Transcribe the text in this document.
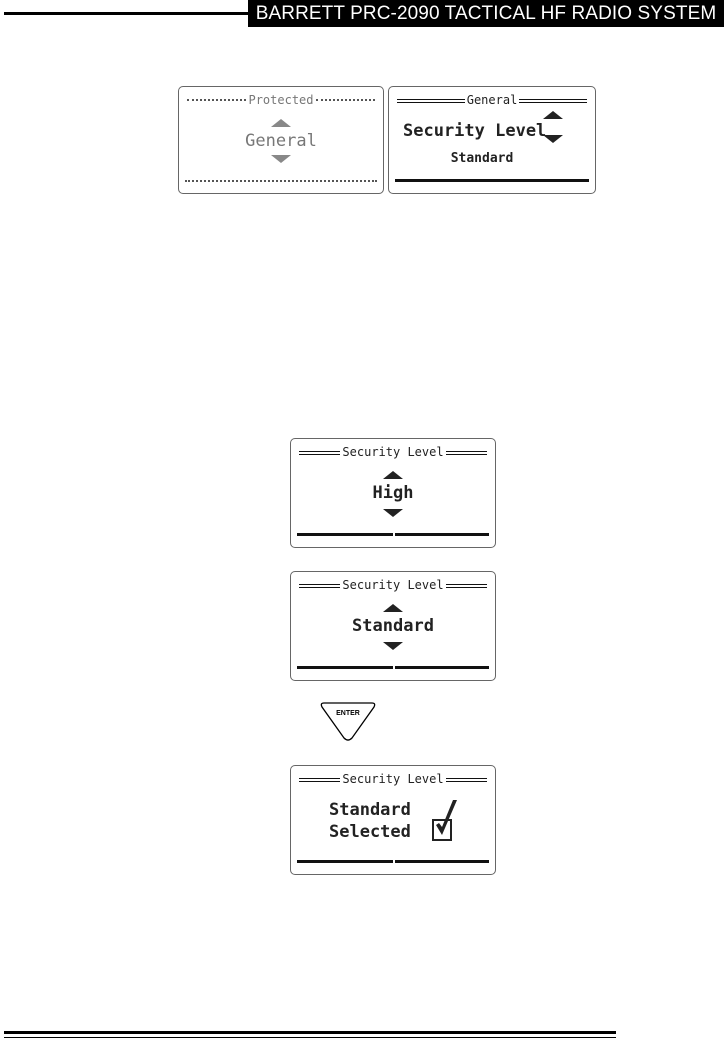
BARRETT PRC-2090 TACTICAL HF RADIO SYSTEM
Protected
General
General
Security Level
Standard
Security Level
High
Security Level
Standard
ENTER
Security Level
Standard
Selected
